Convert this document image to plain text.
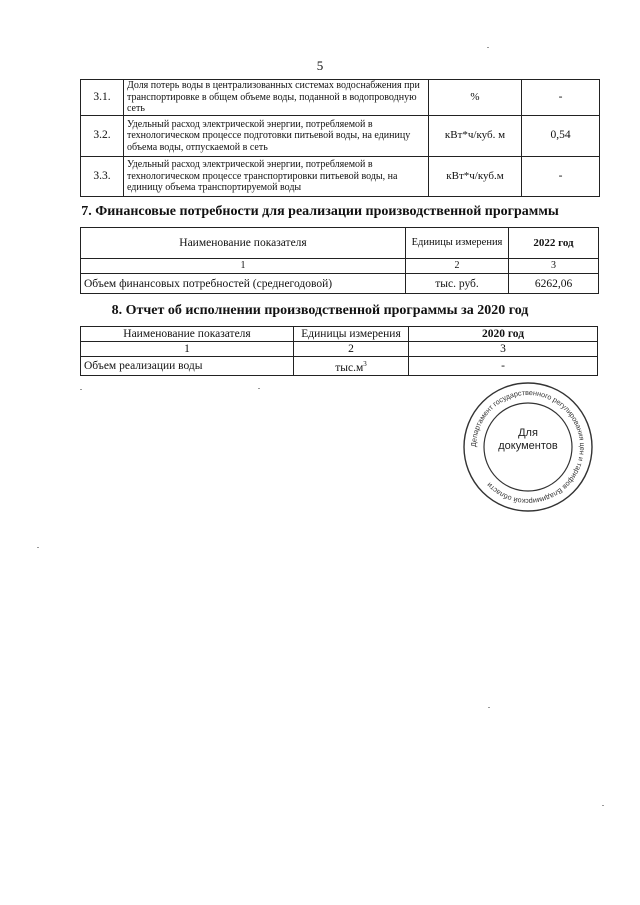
5
3.1.	Доля потерь воды в централизованных системах водоснабжения при транспортировке в общем объеме воды, поданной в водопроводную сеть	%	-
3.2.	Удельный расход электрической энергии, потребляемой в технологическом процессе подготовки питьевой воды, на единицу объема воды, отпускаемой в сеть	кВт*ч/куб. м	0,54
3.3.	Удельный расход электрической энергии, потребляемой в технологическом процессе транспортировки питьевой воды, на единицу объема транспортируемой воды	кВт*ч/куб.м	-
7. Финансовые потребности для реализации производственной программы
Наименование показателя	Единицы измерения	2022 год
1	2	3
Объем финансовых потребностей (среднегодовой)	тыс. руб.	6262,06
8. Отчет об исполнении производственной программы за 2020 год
Наименование показателя	Единицы измерения	2020 год
1	2	3
Объем реализации воды	$тыс.м^3$	-
Департамент государственного регулирования цен и тарифов Владимирской области
Для
документов
